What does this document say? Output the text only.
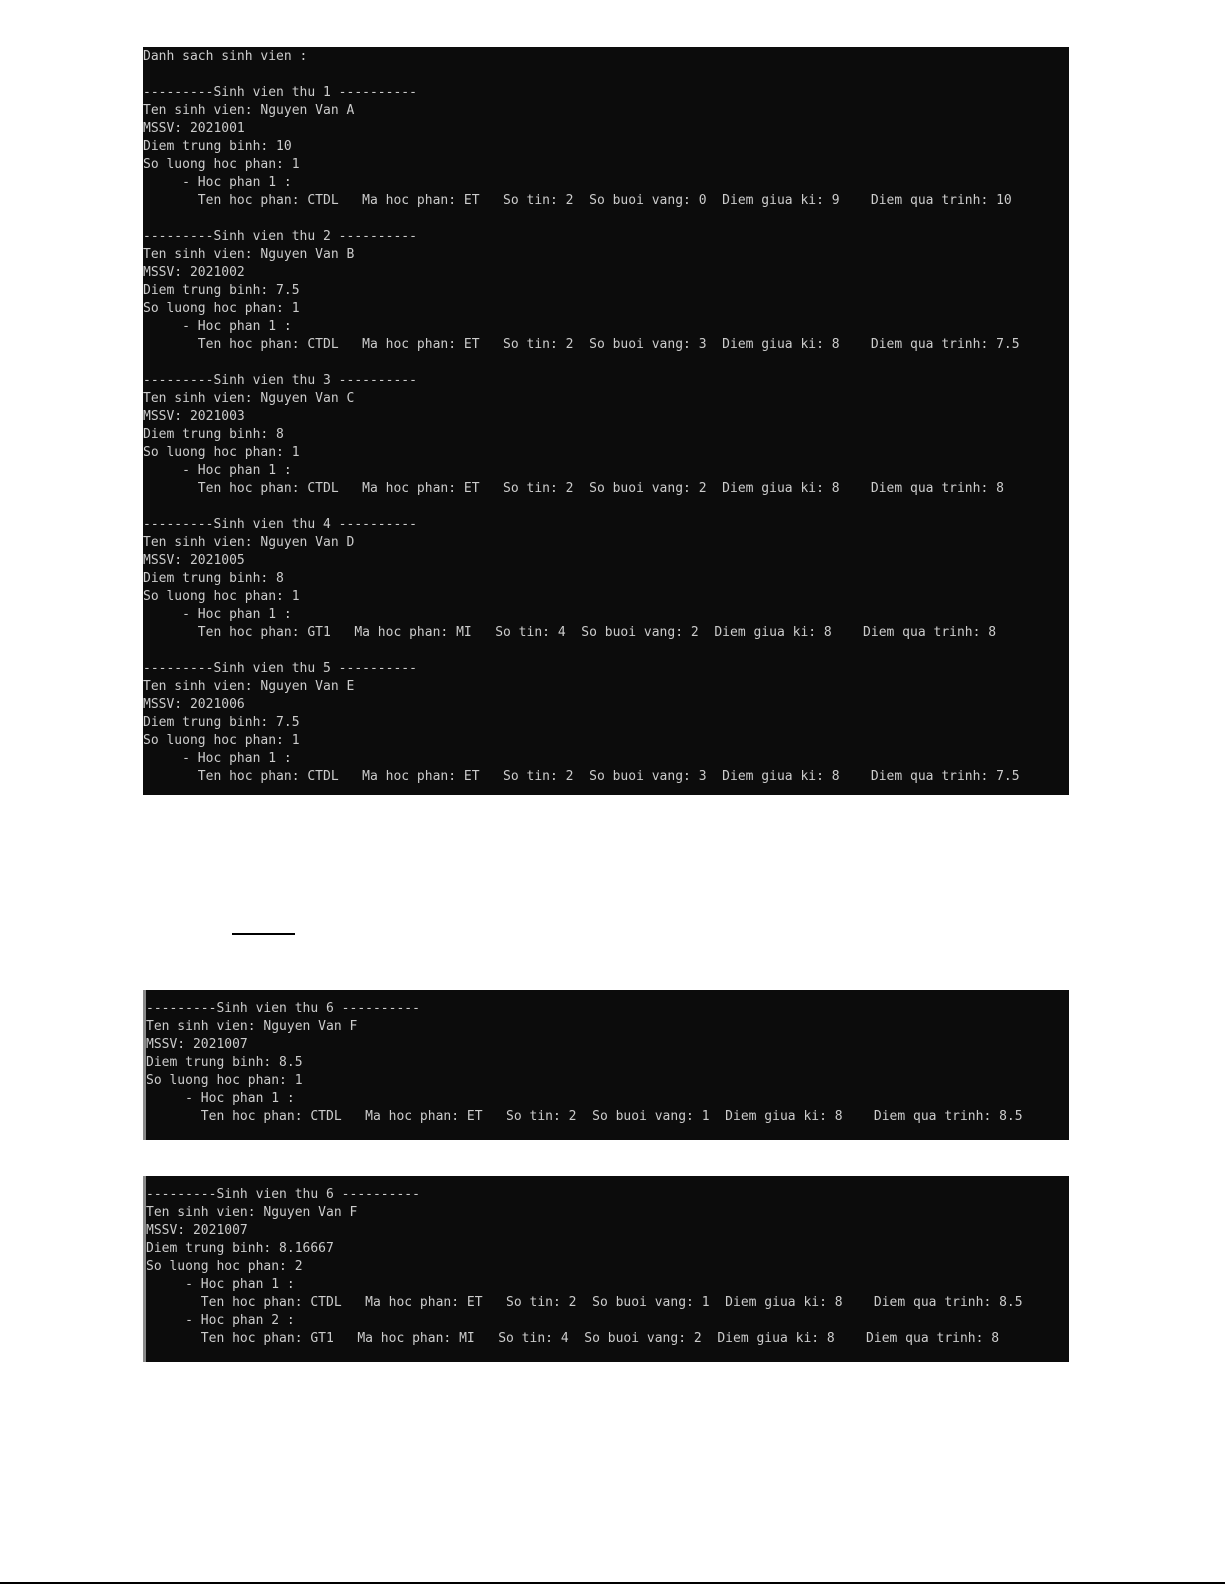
Danh sach sinh vien :
---------Sinh vien thu 1 ----------
Ten sinh vien: Nguyen Van A
MSSV: 2021001
Diem trung binh: 10
So luong hoc phan: 1
- Hoc phan 1 :
Ten hoc phan: CTDL   Ma hoc phan: ET   So tin: 2  So buoi vang: 0  Diem giua ki: 9    Diem qua trinh: 10
---------Sinh vien thu 2 ----------
Ten sinh vien: Nguyen Van B
MSSV: 2021002
Diem trung binh: 7.5
So luong hoc phan: 1
- Hoc phan 1 :
Ten hoc phan: CTDL   Ma hoc phan: ET   So tin: 2  So buoi vang: 3  Diem giua ki: 8    Diem qua trinh: 7.5
---------Sinh vien thu 3 ----------
Ten sinh vien: Nguyen Van C
MSSV: 2021003
Diem trung binh: 8
So luong hoc phan: 1
- Hoc phan 1 :
Ten hoc phan: CTDL   Ma hoc phan: ET   So tin: 2  So buoi vang: 2  Diem giua ki: 8    Diem qua trinh: 8
---------Sinh vien thu 4 ----------
Ten sinh vien: Nguyen Van D
MSSV: 2021005
Diem trung binh: 8
So luong hoc phan: 1
- Hoc phan 1 :
Ten hoc phan: GT1   Ma hoc phan: MI   So tin: 4  So buoi vang: 2  Diem giua ki: 8    Diem qua trinh: 8
---------Sinh vien thu 5 ----------
Ten sinh vien: Nguyen Van E
MSSV: 2021006
Diem trung binh: 7.5
So luong hoc phan: 1
- Hoc phan 1 :
Ten hoc phan: CTDL   Ma hoc phan: ET   So tin: 2  So buoi vang: 3  Diem giua ki: 8    Diem qua trinh: 7.5
---------Sinh vien thu 6 ----------
Ten sinh vien: Nguyen Van F
MSSV: 2021007
Diem trung binh: 8.5
So luong hoc phan: 1
- Hoc phan 1 :
Ten hoc phan: CTDL   Ma hoc phan: ET   So tin: 2  So buoi vang: 1  Diem giua ki: 8    Diem qua trinh: 8.5
---------Sinh vien thu 6 ----------
Ten sinh vien: Nguyen Van F
MSSV: 2021007
Diem trung binh: 8.16667
So luong hoc phan: 2
- Hoc phan 1 :
Ten hoc phan: CTDL   Ma hoc phan: ET   So tin: 2  So buoi vang: 1  Diem giua ki: 8    Diem qua trinh: 8.5
- Hoc phan 2 :
Ten hoc phan: GT1   Ma hoc phan: MI   So tin: 4  So buoi vang: 2  Diem giua ki: 8    Diem qua trinh: 8
